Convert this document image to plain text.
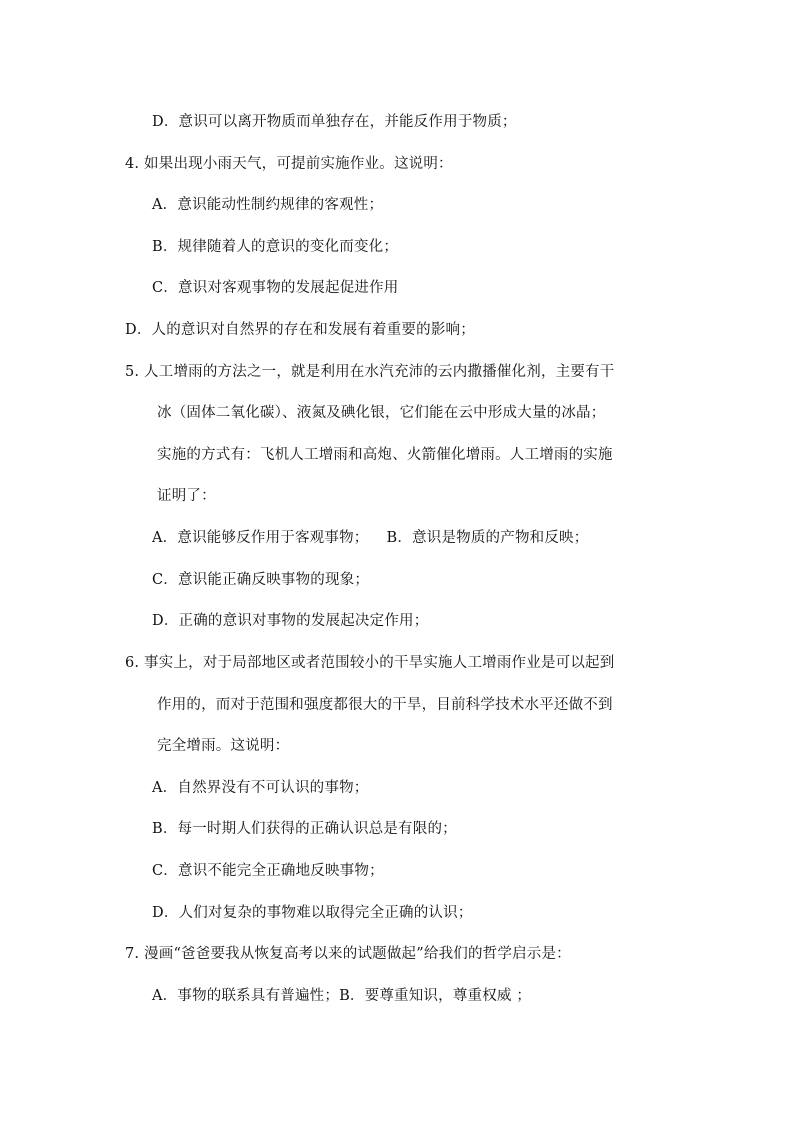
D．意识可以离开物质而单独存在，并能反作用于物质；
4. 如果出现小雨天气，可提前实施作业。这说明：
A．意识能动性制约规律的客观性；
B．规律随着人的意识的变化而变化；
C．意识对客观事物的发展起促进作用
D．人的意识对自然界的存在和发展有着重要的影响；
5. 人工增雨的方法之一，就是利用在水汽充沛的云内撒播催化剂，主要有干
冰（固体二氧化碳）、液氮及碘化银，它们能在云中形成大量的冰晶；
实施的方式有：飞机人工增雨和高炮、火箭催化增雨。人工增雨的实施
证明了：
A．意识能够反作用于客观事物； B．意识是物质的产物和反映；
C．意识能正确反映事物的现象；
D．正确的意识对事物的发展起决定作用；
6. 事实上，对于局部地区或者范围较小的干旱实施人工增雨作业是可以起到
作用的，而对于范围和强度都很大的干旱，目前科学技术水平还做不到
完全增雨。这说明：
A．自然界没有不可认识的事物；
B．每一时期人们获得的正确认识总是有限的；
C．意识不能完全正确地反映事物；
D．人们对复杂的事物难以取得完全正确的认识；
7. 漫画“爸爸要我从恢复高考以来的试题做起”给我们的哲学启示是：
A．事物的联系具有普遍性；B．要尊重知识，尊重权威 ；
